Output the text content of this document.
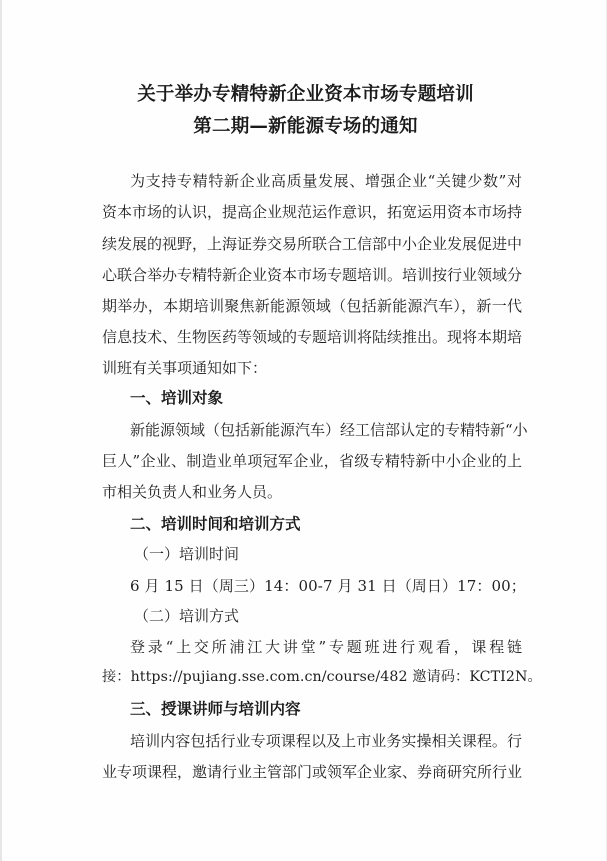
关于举办专精特新企业资本市场专题培训
第二期—新能源专场的通知
为支持专精特新企业高质量发展、增强企业“关键少数”对
资本市场的认识，提高企业规范运作意识，拓宽运用资本市场持
续发展的视野，上海证券交易所联合工信部中小企业发展促进中
心联合举办专精特新企业资本市场专题培训。培训按行业领域分
期举办，本期培训聚焦新能源领域（包括新能源汽车），新一代
信息技术、生物医药等领域的专题培训将陆续推出。现将本期培
训班有关事项通知如下：
一、培训对象
新能源领域（包括新能源汽车）经工信部认定的专精特新“小
巨人”企业、制造业单项冠军企业，省级专精特新中小企业的上
市相关负责人和业务人员。
二、培训时间和培训方式
（一）培训时间
6 月 15 日（周三）14：00-7 月 31 日（周日）17：00；
（二）培训方式
登录“上交所浦江大讲堂”专题班进行观看，课程链
接：https://pujiang.sse.com.cn/course/482 邀请码：KCTI2N。
三、授课讲师与培训内容
培训内容包括行业专项课程以及上市业务实操相关课程。行
业专项课程，邀请行业主管部门或领军企业家、券商研究所行业
